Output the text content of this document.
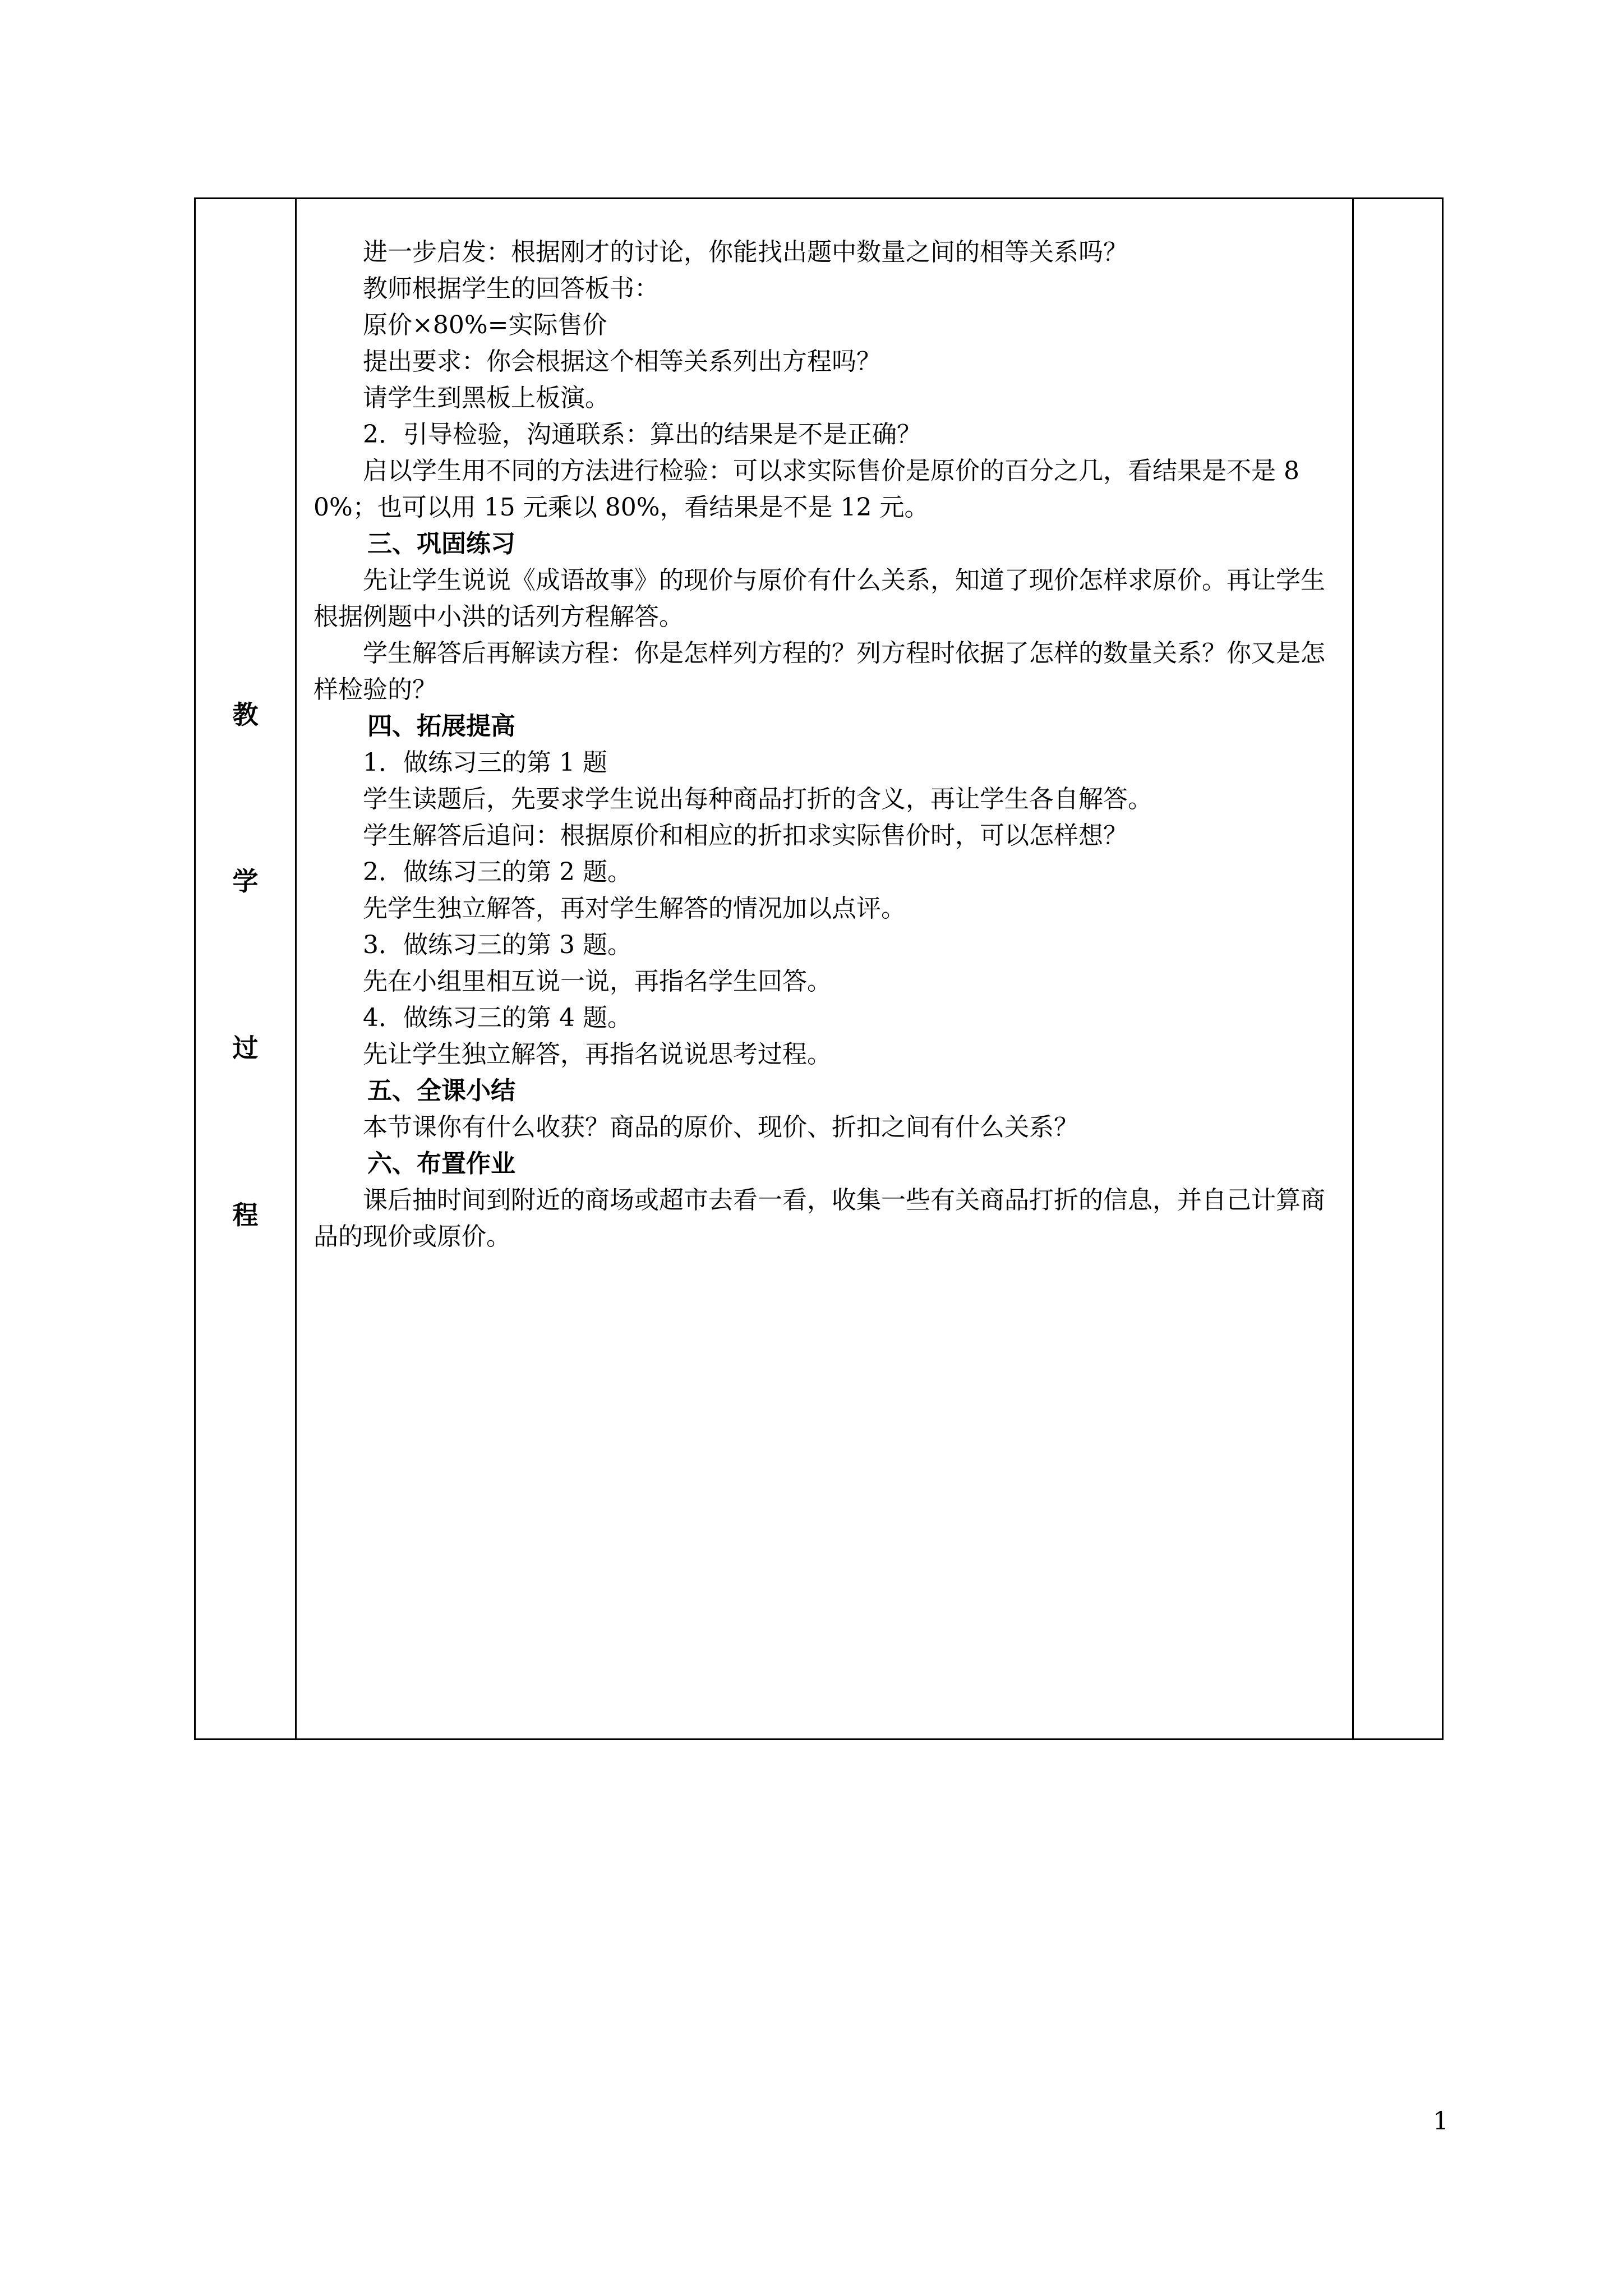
教
学
过
程

进一步启发：根据刚才的讨论，你能找出题中数量之间的相等关系吗？

教师根据学生的回答板书：

原价×80%=实际售价

提出要求：你会根据这个相等关系列出方程吗？

请学生到黑板上板演。

2．引导检验，沟通联系：算出的结果是不是正确？

启以学生用不同的方法进行检验：可以求实际售价是原价的百分之几，看结果是不是 80%；也可以用 15 元乘以 80%，看结果是不是 12 元。

三、巩固练习

先让学生说说《成语故事》的现价与原价有什么关系，知道了现价怎样求原价。再让学生根据例题中小洪的话列方程解答。

学生解答后再解读方程：你是怎样列方程的？列方程时依据了怎样的数量关系？你又是怎样检验的？

四、拓展提高

1．做练习三的第 1 题

学生读题后，先要求学生说出每种商品打折的含义，再让学生各自解答。

学生解答后追问：根据原价和相应的折扣求实际售价时，可以怎样想？

2．做练习三的第 2 题。

先学生独立解答，再对学生解答的情况加以点评。

3．做练习三的第 3 题。

先在小组里相互说一说，再指名学生回答。

4．做练习三的第 4 题。

先让学生独立解答，再指名说说思考过程。

五、全课小结

本节课你有什么收获？商品的原价、现价、折扣之间有什么关系？

六、布置作业

课后抽时间到附近的商场或超市去看一看，收集一些有关商品打折的信息，并自己计算商品的现价或原价。

1
